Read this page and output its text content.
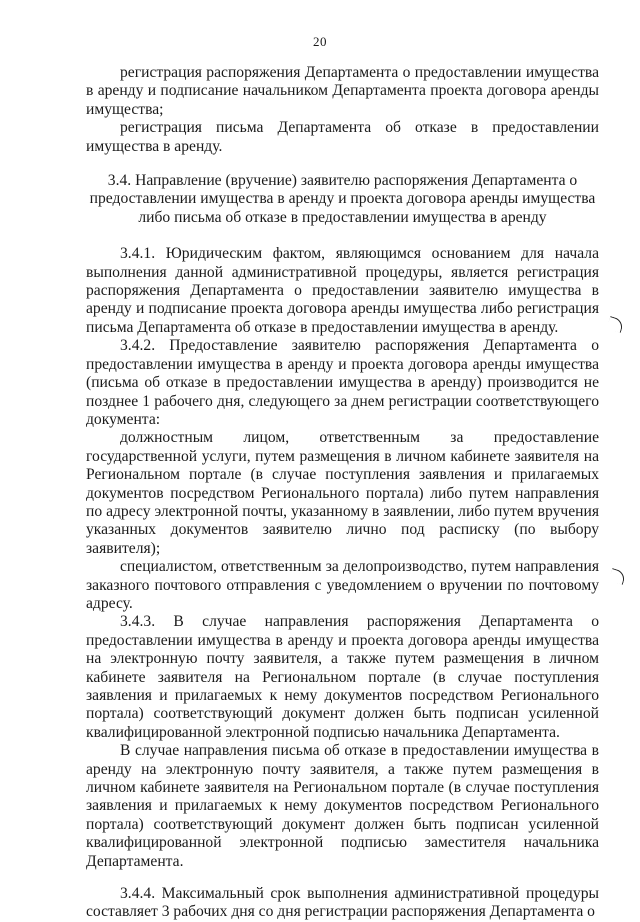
20

регистрация распоряжения Департамента о предоставлении имущества в аренду и подписание начальником Департамента проекта договора аренды имущества;

регистрация письма Департамента об отказе в предоставлении имущества в аренду.

3.4. Направление (вручение) заявителю распоряжения Департамента о предоставлении имущества в аренду и проекта договора аренды имущества либо письма об отказе в предоставлении имущества в аренду

3.4.1. Юридическим фактом, являющимся основанием для начала выполнения данной административной процедуры, является регистрация распоряжения Департамента о предоставлении заявителю имущества в аренду и подписание проекта договора аренды имущества либо регистрация письма Департамента об отказе в предоставлении имущества в аренду.

3.4.2. Предоставление заявителю распоряжения Департамента о предоставлении имущества в аренду и проекта договора аренды имущества (письма об отказе в предоставлении имущества в аренду) производится не позднее 1 рабочего дня, следующего за днем регистрации соответствующего документа:

должностным лицом, ответственным за предоставление государственной услуги, путем размещения в личном кабинете заявителя на Региональном портале (в случае поступления заявления и прилагаемых документов посредством Регионального портала) либо путем направления по адресу электронной почты, указанному в заявлении, либо путем вручения указанных документов заявителю лично под расписку (по выбору заявителя);

специалистом, ответственным за делопроизводство, путем направления заказного почтового отправления с уведомлением о вручении по почтовому адресу.

3.4.3. В случае направления распоряжения Департамента о предоставлении имущества в аренду и проекта договора аренды имущества на электронную почту заявителя, а также путем размещения в личном кабинете заявителя на Региональном портале (в случае поступления заявления и прилагаемых к нему документов посредством Регионального портала) соответствующий документ должен быть подписан усиленной квалифицированной электронной подписью начальника Департамента.

В случае направления письма об отказе в предоставлении имущества в аренду на электронную почту заявителя, а также путем размещения в личном кабинете заявителя на Региональном портале (в случае поступления заявления и прилагаемых к нему документов посредством Регионального портала) соответствующий документ должен быть подписан усиленной квалифицированной электронной подписью заместителя начальника Департамента.

3.4.4. Максимальный срок выполнения административной процедуры составляет 3 рабочих дня со дня регистрации распоряжения Департамента о
